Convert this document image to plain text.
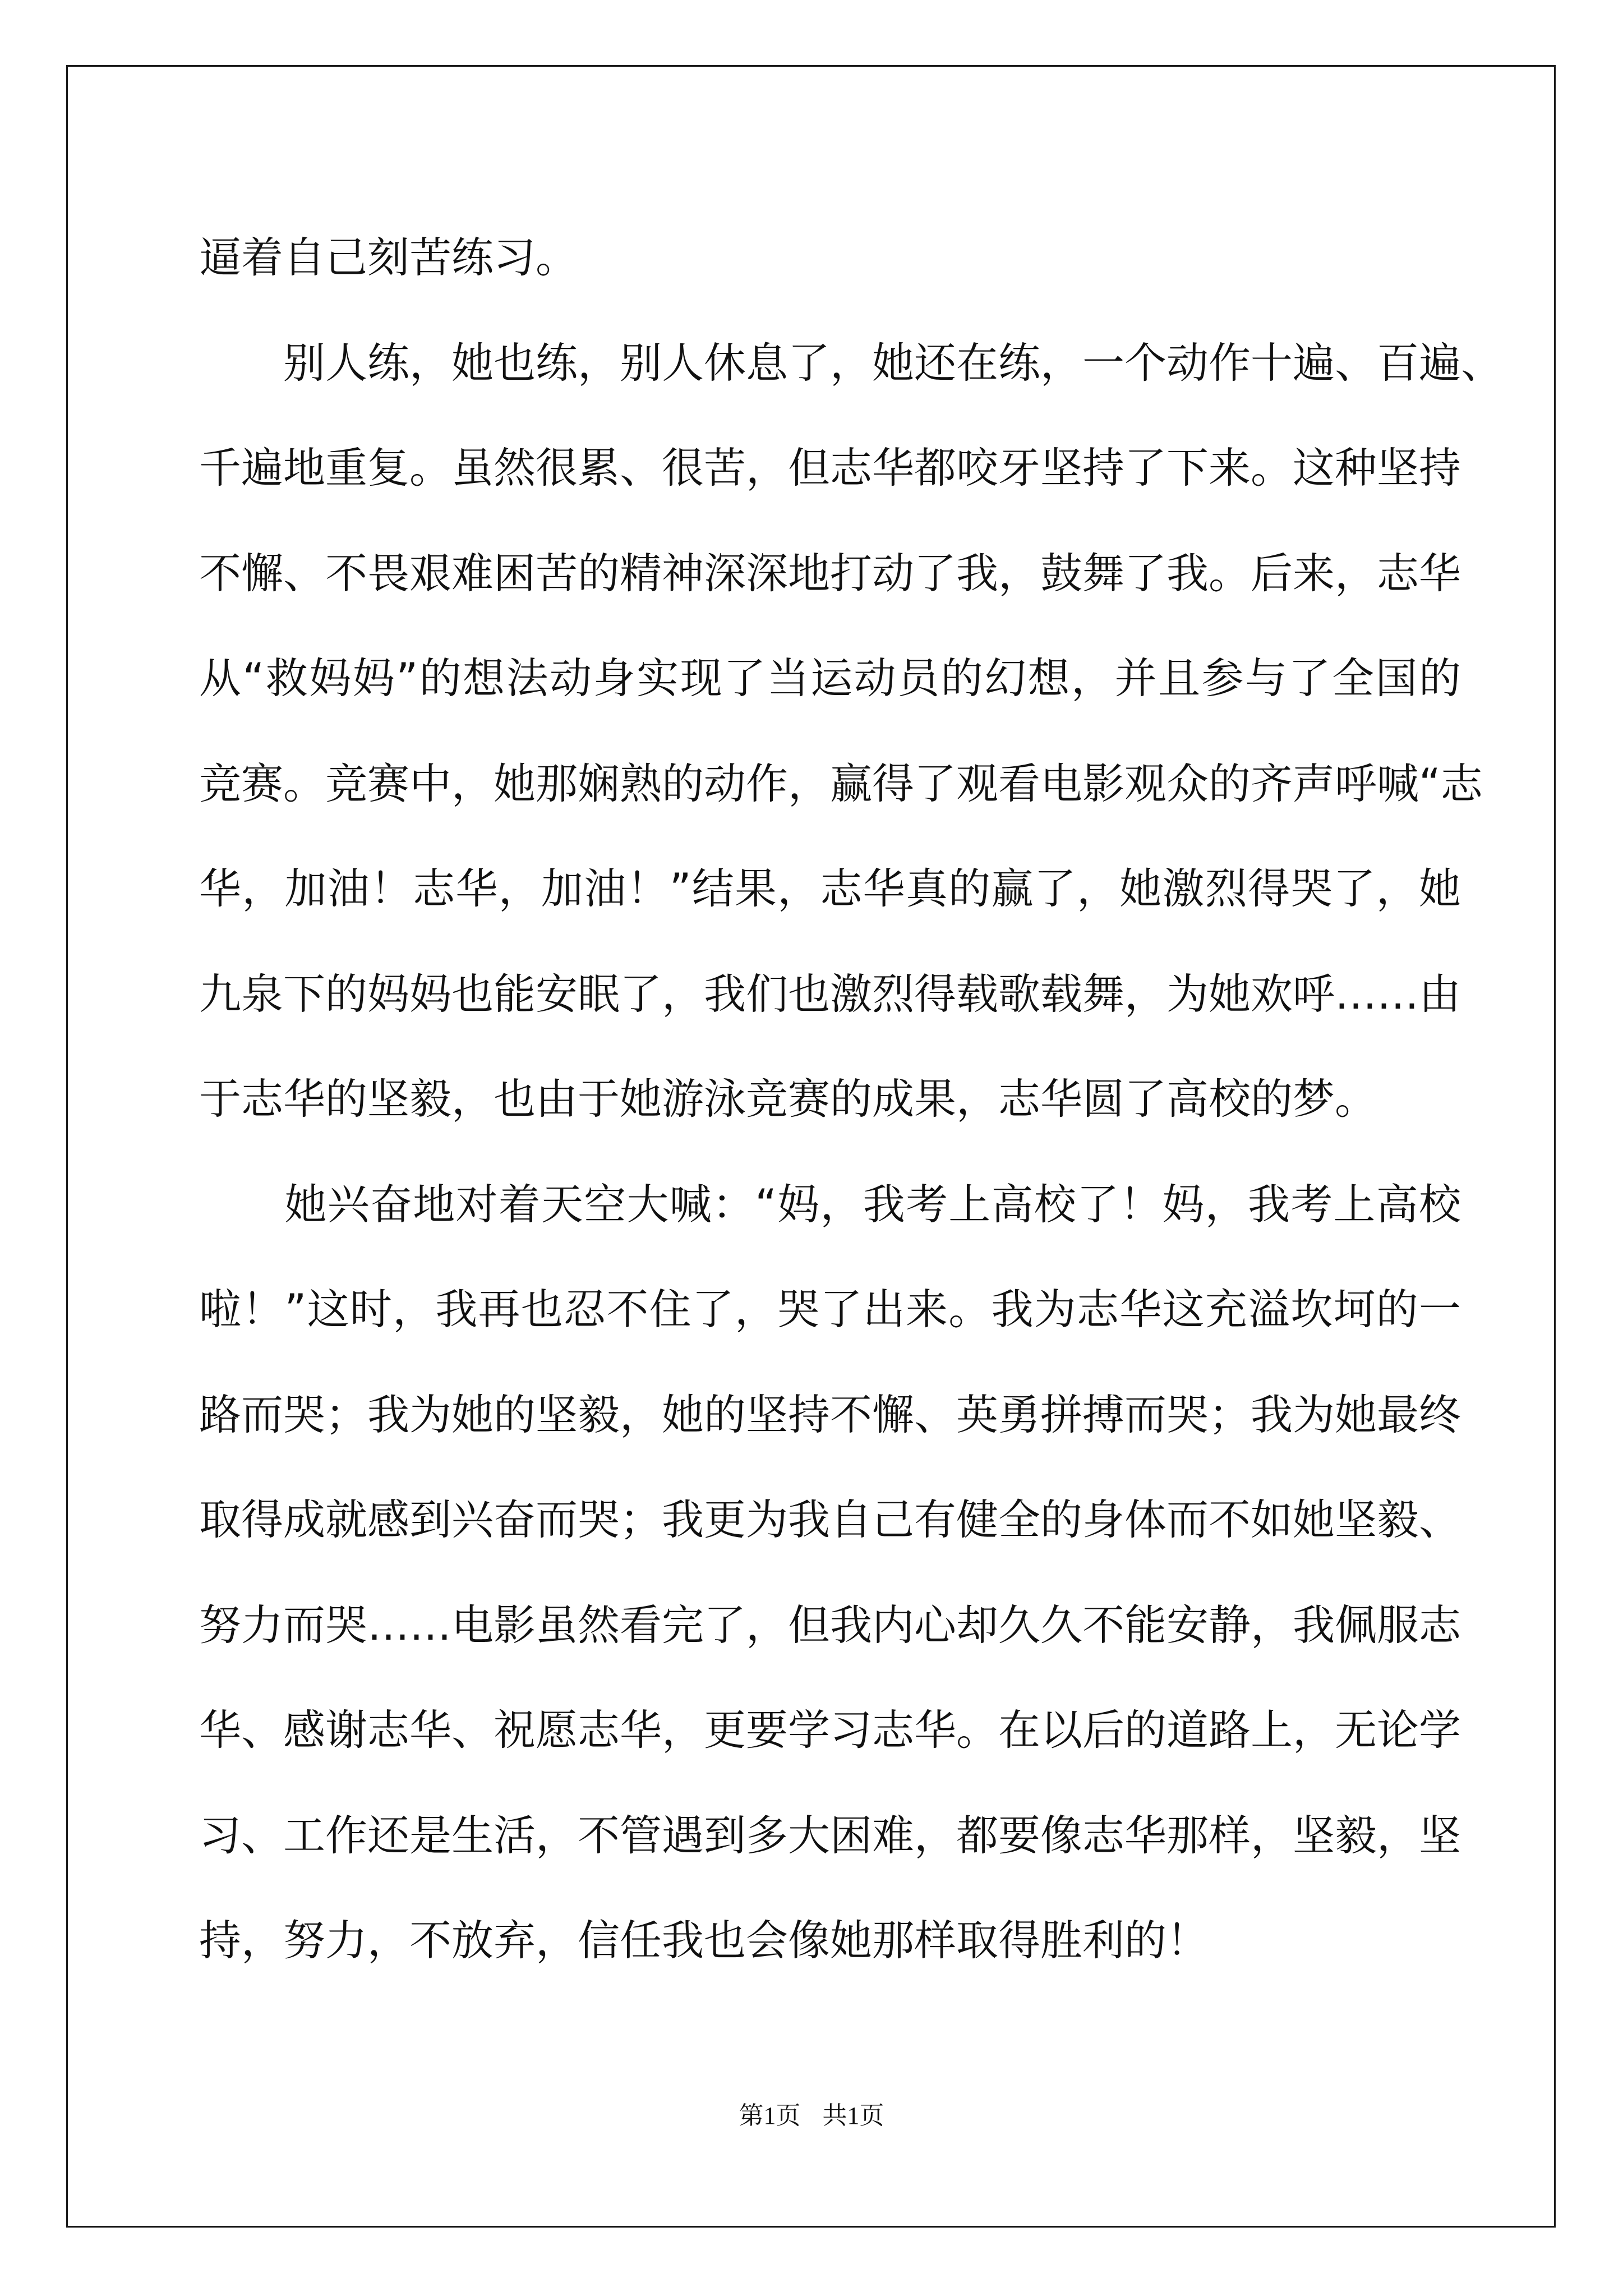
逼着自己刻苦练习。
　　别人练，她也练，别人休息了，她还在练，一个动作十遍、百遍、
千遍地重复。虽然很累、很苦，但志华都咬牙坚持了下来。这种坚持
不懈、不畏艰难困苦的精神深深地打动了我，鼓舞了我。后来，志华
从“救妈妈”的想法动身实现了当运动员的幻想，并且参与了全国的
竞赛。竞赛中，她那娴熟的动作，赢得了观看电影观众的齐声呼喊“志
华，加油！志华，加油！”结果，志华真的赢了，她激烈得哭了，她
九泉下的妈妈也能安眠了，我们也激烈得载歌载舞，为她欢呼……由
于志华的坚毅，也由于她游泳竞赛的成果，志华圆了高校的梦。
　　她兴奋地对着天空大喊：“妈，我考上高校了！妈，我考上高校
啦！”这时，我再也忍不住了，哭了出来。我为志华这充溢坎坷的一
路而哭；我为她的坚毅，她的坚持不懈、英勇拼搏而哭；我为她最终
取得成就感到兴奋而哭；我更为我自己有健全的身体而不如她坚毅、
努力而哭……电影虽然看完了，但我内心却久久不能安静，我佩服志
华、感谢志华、祝愿志华，更要学习志华。在以后的道路上，无论学
习、工作还是生活，不管遇到多大困难，都要像志华那样，坚毅，坚
持，努力，不放弃，信任我也会像她那样取得胜利的！
第1页 共1页
